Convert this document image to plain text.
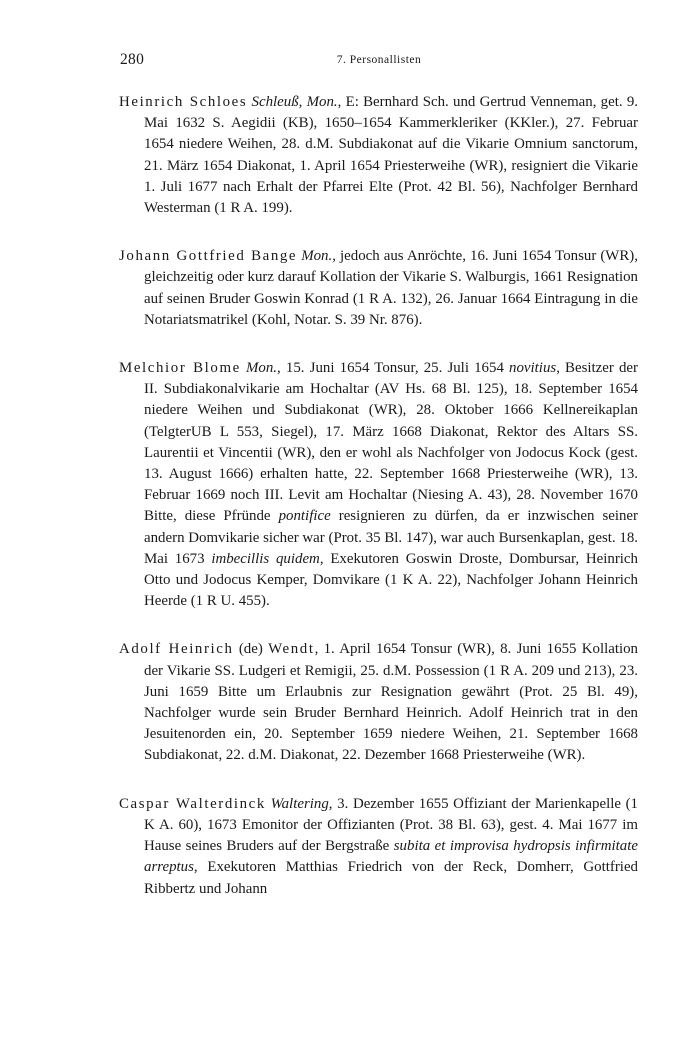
280	7. Personallisten

Heinrich Schloes Schleuß, Mon., E: Bernhard Sch. und Gertrud Venneman, get. 9. Mai 1632 S. Aegidii (KB), 1650–1654 Kammerkleriker (KKler.), 27. Februar 1654 niedere Weihen, 28. d.M. Subdiakonat auf die Vikarie Omnium sanctorum, 21. März 1654 Diakonat, 1. April 1654 Priesterweihe (WR), resigniert die Vikarie 1. Juli 1677 nach Erhalt der Pfarrei Elte (Prot. 42 Bl. 56), Nachfolger Bernhard Westerman (1 R A. 199).

Johann Gottfried Bange Mon., jedoch aus Anröchte, 16. Juni 1654 Tonsur (WR), gleichzeitig oder kurz darauf Kollation der Vikarie S. Walburgis, 1661 Resignation auf seinen Bruder Goswin Konrad (1 R A. 132), 26. Januar 1664 Eintragung in die Notariatsmatrikel (Kohl, Notar. S. 39 Nr. 876).

Melchior Blome Mon., 15. Juni 1654 Tonsur, 25. Juli 1654 novitius, Besitzer der II. Subdiakonalvikarie am Hochaltar (AV Hs. 68 Bl. 125), 18. September 1654 niedere Weihen und Subdiakonat (WR), 28. Oktober 1666 Kellnereikaplan (TelgterUB L 553, Siegel), 17. März 1668 Diakonat, Rektor des Altars SS. Laurentii et Vincentii (WR), den er wohl als Nachfolger von Jodocus Kock (gest. 13. August 1666) erhalten hatte, 22. September 1668 Priesterweihe (WR), 13. Februar 1669 noch III. Levit am Hochaltar (Niesing A. 43), 28. November 1670 Bitte, diese Pfründe pontifice resignieren zu dürfen, da er inzwischen seiner andern Domvikarie sicher war (Prot. 35 Bl. 147), war auch Bursenkaplan, gest. 18. Mai 1673 imbecillis quidem, Exekutoren Goswin Droste, Dombursar, Heinrich Otto und Jodocus Kemper, Domvikare (1 K A. 22), Nachfolger Johann Heinrich Heerde (1 R U. 455).

Adolf Heinrich (de) Wendt, 1. April 1654 Tonsur (WR), 8. Juni 1655 Kollation der Vikarie SS. Ludgeri et Remigii, 25. d.M. Possession (1 R A. 209 und 213), 23. Juni 1659 Bitte um Erlaubnis zur Resignation gewährt (Prot. 25 Bl. 49), Nachfolger wurde sein Bruder Bernhard Heinrich. Adolf Heinrich trat in den Jesuitenorden ein, 20. September 1659 niedere Weihen, 21. September 1668 Subdiakonat, 22. d.M. Diakonat, 22. Dezember 1668 Priesterweihe (WR).

Caspar Walterdinck Waltering, 3. Dezember 1655 Offiziant der Marienkapelle (1 K A. 60), 1673 Emonitor der Offizianten (Prot. 38 Bl. 63), gest. 4. Mai 1677 im Hause seines Bruders auf der Bergstraße subita et improvisa hydropsis infirmitate arreptus, Exekutoren Matthias Friedrich von der Reck, Domherr, Gottfried Ribbertz und Johann
